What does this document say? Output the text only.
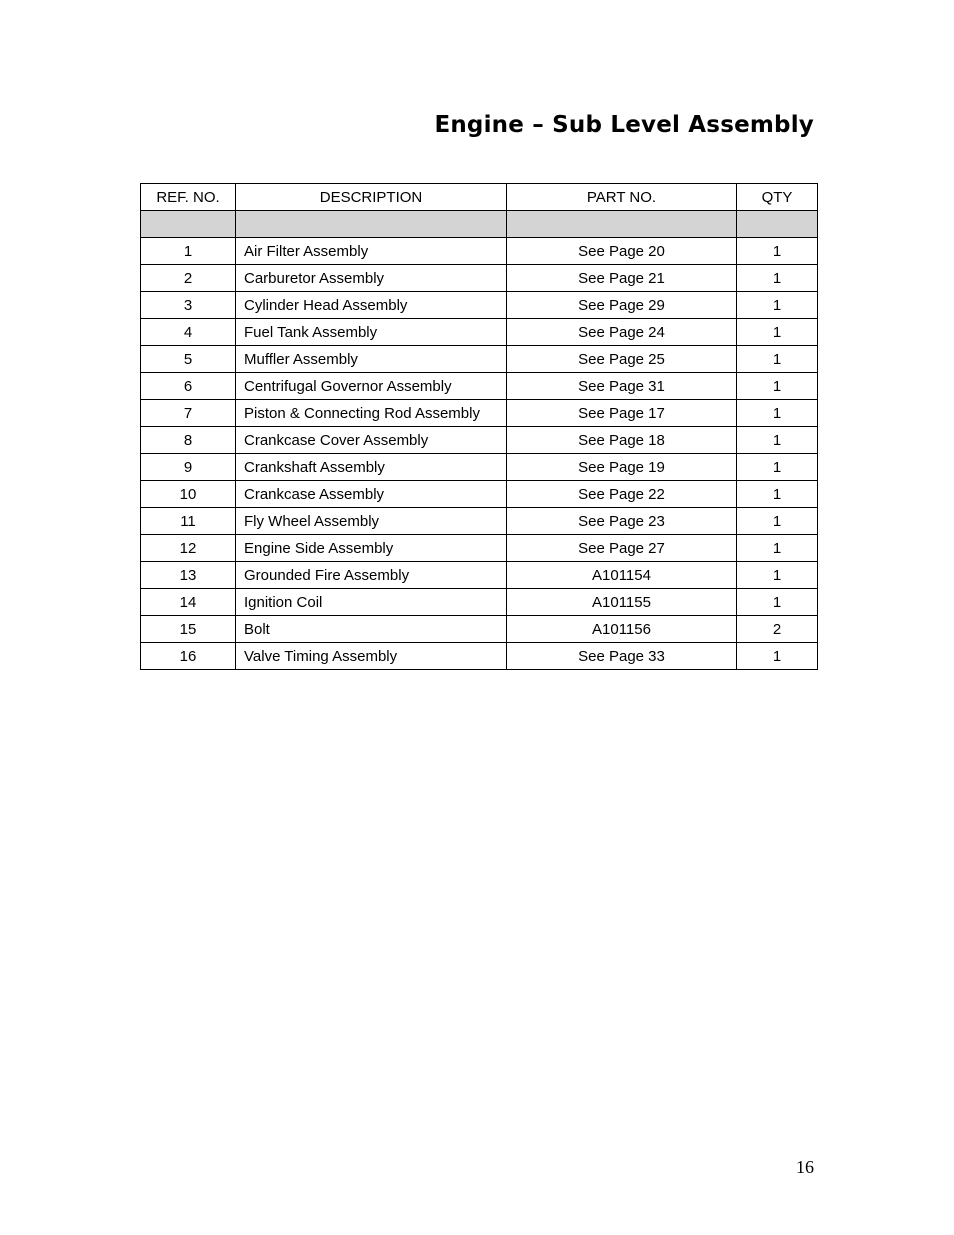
Engine – Sub Level Assembly
REF. NO.	DESCRIPTION	PART NO.	QTY

1	Air Filter Assembly	See Page 20	1
2	Carburetor Assembly	See Page 21	1
3	Cylinder Head Assembly	See Page 29	1
4	Fuel Tank Assembly	See Page 24	1
5	Muffler Assembly	See Page 25	1
6	Centrifugal Governor Assembly	See Page 31	1
7	Piston & Connecting Rod Assembly	See Page 17	1
8	Crankcase Cover Assembly	See Page 18	1
9	Crankshaft Assembly	See Page 19	1
10	Crankcase Assembly	See Page 22	1
11	Fly Wheel Assembly	See Page 23	1
12	Engine Side Assembly	See Page 27	1
13	Grounded Fire Assembly	A101154	1
14	Ignition Coil	A101155	1
15	Bolt	A101156	2
16	Valve Timing Assembly	See Page 33	1
16
